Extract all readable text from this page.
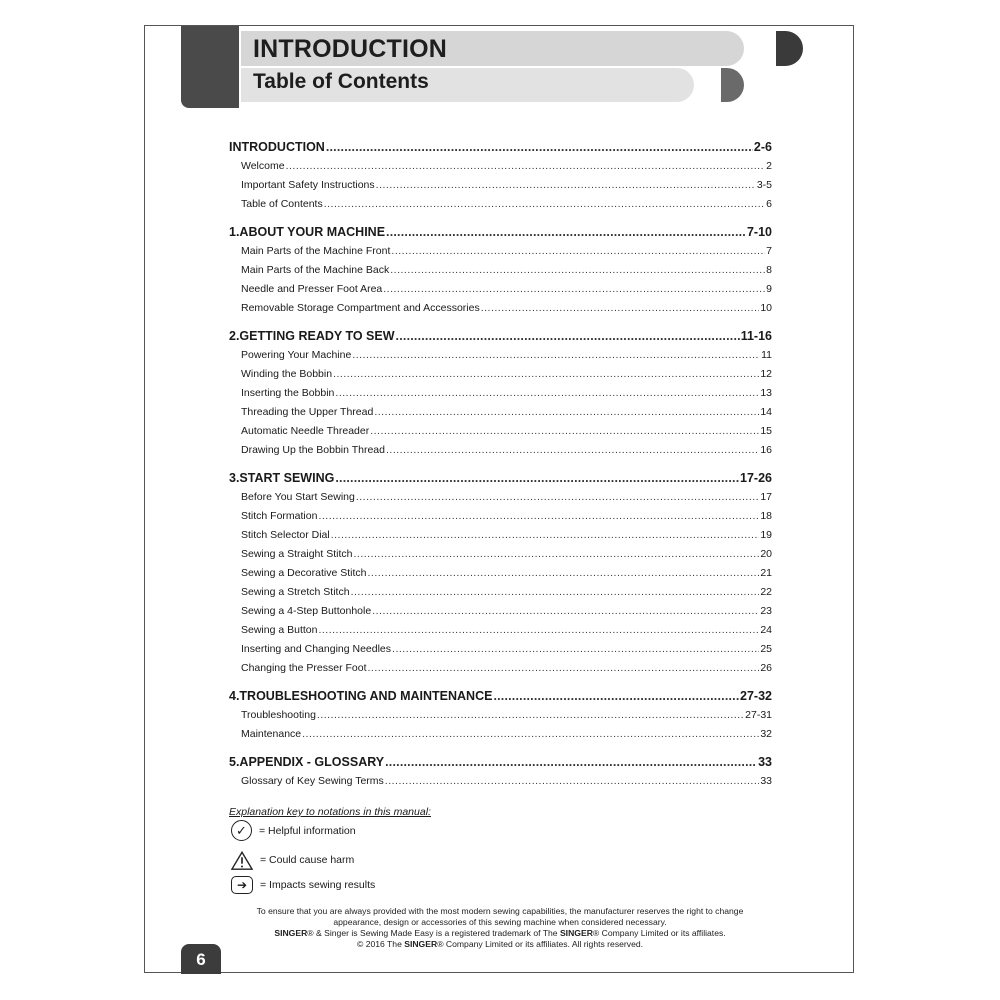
INTRODUCTION
Table of Contents
INTRODUCTION .....	2-6
Welcome .....	2
Important Safety Instructions .....	3-5
Table of Contents .....	6
1.ABOUT YOUR MACHINE .....	7-10
Main Parts of the Machine Front .....	7
Main Parts of the Machine Back .....	8
Needle and Presser Foot Area .....	9
Removable Storage Compartment and Accessories .....	10
2.GETTING READY TO SEW .....	11-16
Powering Your Machine .....	11
Winding the Bobbin .....	12
Inserting the Bobbin .....	13
Threading the Upper Thread .....	14
Automatic Needle Threader .....	15
Drawing Up the Bobbin Thread .....	16
3.START SEWING .....	17-26
Before You Start Sewing .....	17
Stitch Formation .....	18
Stitch Selector Dial .....	19
Sewing a Straight Stitch .....	20
Sewing a Decorative Stitch .....	21
Sewing a Stretch Stitch .....	22
Sewing a 4-Step Buttonhole .....	23
Sewing a Button .....	24
Inserting and Changing Needles .....	25
Changing the Presser Foot .....	26
4.TROUBLESHOOTING AND MAINTENANCE .....	27-32
Troubleshooting .....	27-31
Maintenance .....	32
5.APPENDIX - GLOSSARY .....	33
Glossary of Key Sewing Terms .....	33
Explanation key to notations in this manual:
✓	= Helpful information
= Could cause harm
➔	= Impacts sewing results
To ensure that you are always provided with the most modern sewing capabilities, the manufacturer reserves the right to change
appearance, design or accessories of this sewing machine when considered necessary.
SINGER® & Singer is Sewing Made Easy is a registered trademark of The SINGER® Company Limited or its affiliates.
© 2016 The SINGER® Company Limited or its affiliates. All rights reserved.
6
